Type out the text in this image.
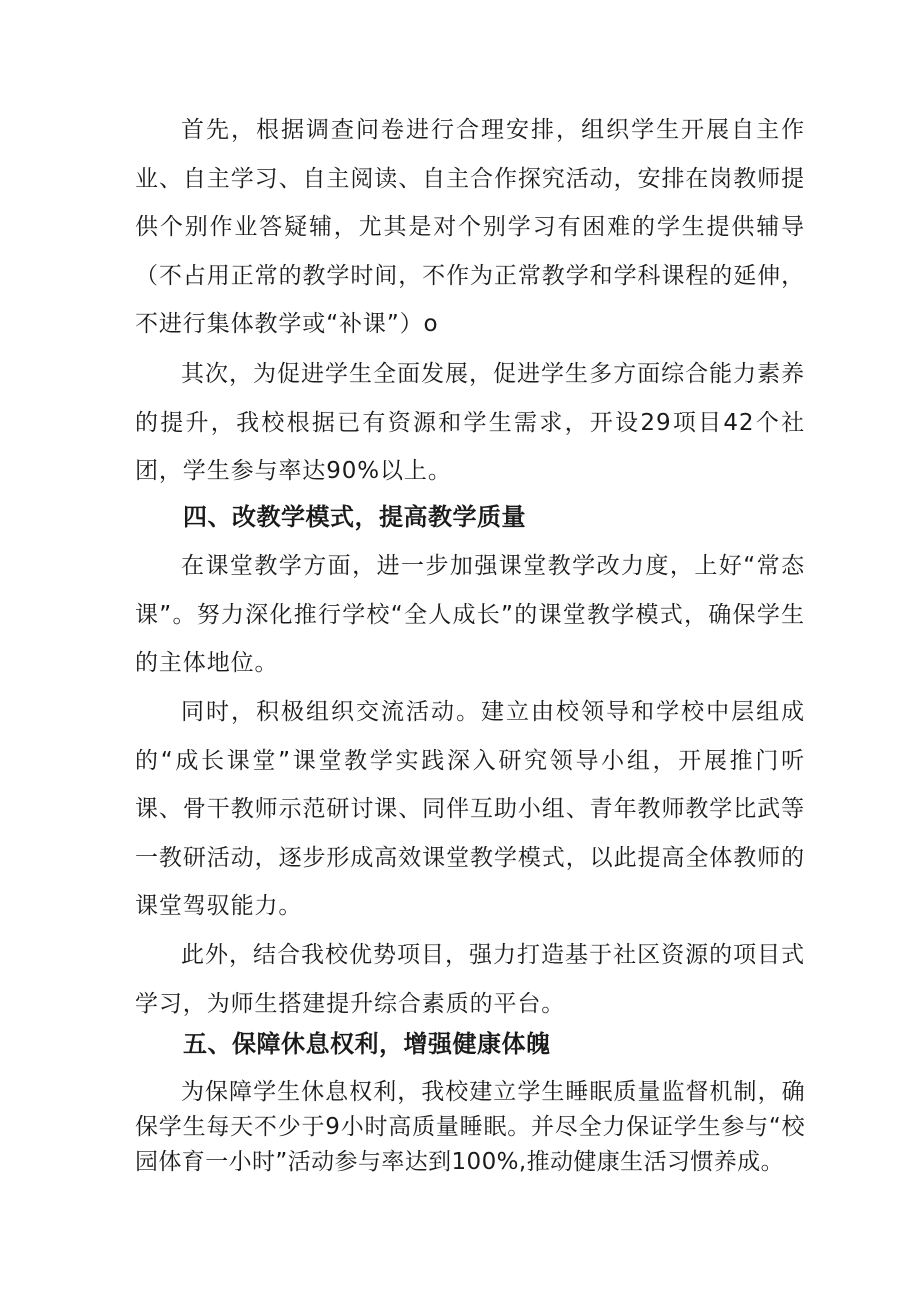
首先，根据调查问卷进行合理安排，组织学生开展自主作业、自主学习、自主阅读、自主合作探究活动，安排在岗教师提供个别作业答疑辅，尤其是对个别学习有困难的学生提供辅导（不占用正常的教学时间，不作为正常教学和学科课程的延伸，不进行集体教学或“补课”）o

其次，为促进学生全面发展，促进学生多方面综合能力素养的提升，我校根据已有资源和学生需求，开设29项目42个社团，学生参与率达90%以上。

四、改教学模式，提高教学质量

在课堂教学方面，进一步加强课堂教学改力度，上好“常态课”。努力深化推行学校“全人成长”的课堂教学模式，确保学生的主体地位。

同时，积极组织交流活动。建立由校领导和学校中层组成的“成长课堂”课堂教学实践深入研究领导小组，开展推门听课、骨干教师示范研讨课、同伴互助小组、青年教师教学比武等一教研活动，逐步形成高效课堂教学模式，以此提高全体教师的课堂驾驭能力。

此外，结合我校优势项目，强力打造基于社区资源的项目式学习，为师生搭建提升综合素质的平台。

五、保障休息权利，增强健康体魄

为保障学生休息权利，我校建立学生睡眠质量监督机制，确保学生每天不少于9小时高质量睡眠。并尽全力保证学生参与“校园体育一小时”活动参与率达到100%,推动健康生活习惯养成。
